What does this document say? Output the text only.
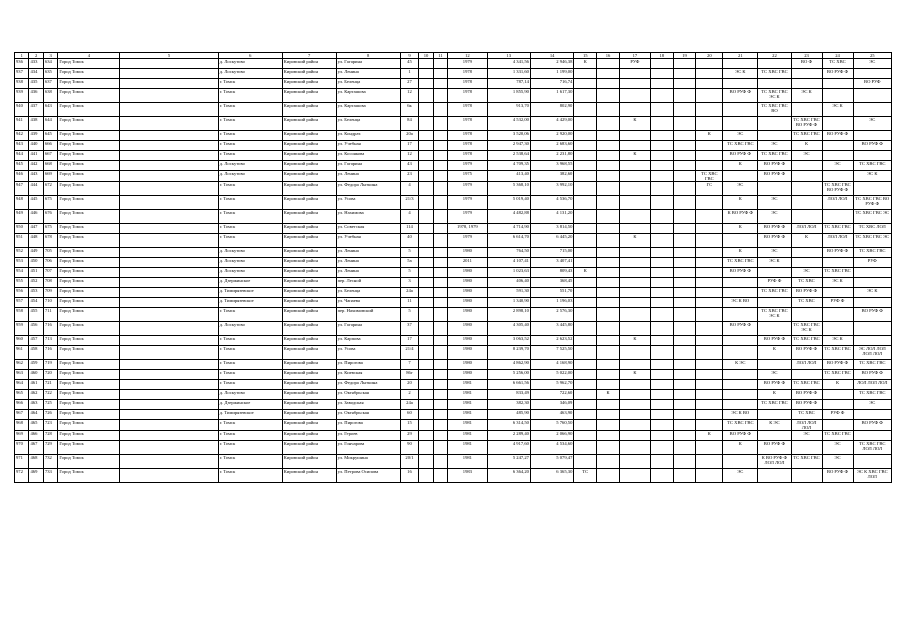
1	2	3	4	5	6	7	8	9	10	11	12	13	14	15	16	17	18	19	20	21	22	23	24	25
936	433	634	Город Томск		д. Лоскутово	Кировский район	ул. Гагарина	45			1979	4 341,56	2 946,38	К		РУФ						ВО Ф	ТС ХВС	ЭС
937	434	635	Город Томск		д. Лоскутово	Кировский район	ул. Ленина	1			1978	1 331,60	1 199,00							ЭС К	ТС ХВС ГВС		ВО РУФ Ф	
938	435	637	Город Томск		г. Томск	Кировский район	ул. Беленца	27			1978	787,14	716,74											ВО РУФ
939	436	638	Город Томск		г. Томск	Кировский район	ул. Карташова	12			1978	1 855,90	1 617,30							ВО РУФ Ф	ТС ХВС ГВС ЭС К	ЭС К		
940	437	643	Город Томск		г. Томск	Кировский район	ул. Карташова	6к			1978	913,70	802,90								ТС ХВС ГВС ВО		ЭС К	
941	438	644	Город Томск		г. Томск	Кировский район	ул. Беленца	84			1978	4 532,00	4 429,00			К						ТС ХВС ГВС ВО РУФ Ф		ЭС
942	439	645	Город Томск		г. Томск	Кировский район	ул. Кондрат.	20а			1978	3 520,06	2 920,00						К	ЭС		ТС ХВС ГВС	ВО РУФ Ф	
943	440	666	Город Томск		г. Томск	Кировский район	ул. Учебная	17			1978	2 947,30	2 683,60							ТС ХВС ГВС	ЭС	К		ВО РУФ Ф
944	441	667	Город Томск		г. Томск	Кировский район	ул. Косоякова	12			1978	2 538,64	2 231,80			К				ВО РУФ Ф	ТС ХВС ГВС	ЭС		
945	442	668	Город Томск		д. Лоскутово	Кировский район	ул. Гагарина	43			1979	4 709,35	3 968,55							К	ВО РУФ Ф		ЭС	ТС ХВС ГВС
946	443	669	Город Томск		д. Лоскутово	Кировский район	ул. Ленина	23			1975	413,40	382,60						ТС ХВС ГВС		ВО РУФ Ф			ЭС К
947	444	672	Город Томск		г. Томск	Кировский район	ул. Федора Лыткина	4			1979	5 368,10	3 992,10						ГС	ЭС			ТС ХВС ГВС ВО РУФ Ф	
948	445	675	Город Томск		г. Томск	Кировский район	ул. Усова	21/3			1979	5 019,40	4 536,70							К	ЭС		ЛОЛ ЛОЛ	ТС ХВС ГВС ВО РУФ Ф
949	446	676	Город Томск		г. Томск	Кировский район	ул. Нахимова	4			1979	4 482,88	4 131,20							К ВО РУФ Ф	ЭС			ТС ХВС ГВС ЭС
950	447	675	Город Томск		г. Томск	Кировский район	ул. Советская	114			1978, 1979	4 714,90	3 814,50							К	ВО РУФ Ф	ЛОЛ ЛОЛ	ТС ХВС ГВС	ТС ХВС ЛОЛ
951	448	678	Город Томск		г. Томск	Кировский район	ул. Учебная	40			1979	6 614,70	6 445,20			К					ВО РУФ Ф	К	ЛОЛ ЛОЛ	ТС ХВС ГВС ЭС
952	449	705	Город Томск		д. Лоскутово	Кировский район	ул. Ленина	5			1980	764,50	715,00							К	ЭС		ВО РУФ Ф	ТС ХВС ГВС
953	450	706	Город Томск		д. Лоскутово	Кировский район	ул. Ленина	5а			2011	4 107,41	3 407,41							ТС ХВС ГВС	ЭС К			РУФ
954	451	707	Город Томск		д. Лоскутово	Кировский район	ул. Ленина	5			1980	1 023,63	809,43	К						ВО РУФ Ф		ЭС	ТС ХВС ГВС	
955	452	708	Город Томск		д. Дзержинское	Кировский район	пер. Лесной	3			1980	406,40	368,45								РУФ Ф	ТС ХВС	ЭС К	
956	453	709	Город Томск		д. Тимирязевское	Кировский район	ул. Беленца	24а			1980	591,30	551,70								ТС ХВС ГВС	ВО РУФ Ф		ЭС К
957	454	710	Город Томск		д. Тимирязевское	Кировский район	ул. Чапаева	11			1980	1 340,90	1 196,03							ЭС К ВО		ТС ХВС	РУФ Ф	
958	455	711	Город Томск		г. Томск	Кировский район	пер. Нахимовский	5			1980	2 898,10	2 576,30								ТС ХВС ГВС ЭС К			ВО РУФ Ф
959	456	716	Город Томск		д. Лоскутово	Кировский район	ул. Гагарина	37			1980	4 305,40	3 445,80							ВО РУФ Ф		ТС ХВС ГВС ЭС К		
960	457	713	Город Томск		г. Томск	Кировский район	ул. Карпова	17			1980	3 063,52	2 623,52			К					ВО РУФ Ф	ТС ХВС ГВС	ЭС К	
961	458	716	Город Томск		г. Томск	Кировский район	ул. Усова	21/4			1980	8 239,70	7 525,50								К	ВО РУФ Ф	ТС ХВС ГВС	ЭС ЛОЛ ЛОЛ ЛОЛ ЛОЛ
962	459	719	Город Томск		г. Томск	Кировский район	ул. Пирогова	7			1980	4 862,90	4 168,90							К ЭС		ЛОЛ ЛОЛ	ВО РУФ Ф	ТС ХВС ГВС
963	460	720	Город Томск		г. Томск	Кировский район	ул. Киевская	86г			1980	5 256,00	5 022,00			К					ЭС		ТС ХВС ГВС	ВО РУФ Ф
964	461	721	Город Томск		г. Томск	Кировский район	ул. Федора Лыткина	20			1981	6 661,56	5 962,70								ВО РУФ Ф	ТС ХВС ГВС	К	ЛОЛ ЛОЛ ЛОЛ
965	462	722	Город Томск		д. Лоскутово	Кировский район	ул. Октябрьская	2			1981	833,49	722,60		К						К	ВО РУФ Ф		ТС ХВС ГВС
966	463	725	Город Томск		д. Дзержинское	Кировский район	ул. Заводская	24а			1981	382,30	346,09								ТС ХВС ГВС	ВО РУФ Ф		ЭС
967	464	726	Город Томск		д. Тимирязевское	Кировский район	ул. Октябрьская	60			1981	485,90	463,90							ЭС К ВО		ТС ХВС	РУФ Ф	
968	465	723	Город Томск		г. Томск	Кировский район	ул. Пирогова	15			1981	6 314,50	5 760,50							ТС ХВС ГВС	К ЭС	ЛОЛ ЛОЛ ЛОЛ		ВО РУФ Ф
969	466	728	Город Томск		г. Томск	Кировский район	ул. Героев	29			1981	2 289,40	2 066,90						К	ВО РУФ Ф		ЭС	ТС ХВС ГВС	
970	467	729	Город Томск		г. Томск	Кировский район	ул. Гончарова	90			1981	4 917,60	4 534,60							К	ВО РУФ Ф		ЭС	ТС ХВС ГВС ЛОЛ ЛОЛ
971	468	732	Город Томск		г. Томск	Кировский район	ул. Мокрушина	20/1			1981	5 247,27	5 079,47								К ВО РУФ Ф ЛОЛ ЛОЛ	ТС ХВС ГВС	ЭС	
972	469	733	Город Томск		г. Томск	Кировский район	ул. Петрова Осипова	16			1983	6 364,20	6 365,30	ТС						ЭС			ВО РУФ Ф	ЭС К ХВС ГВС ЛОЛ
